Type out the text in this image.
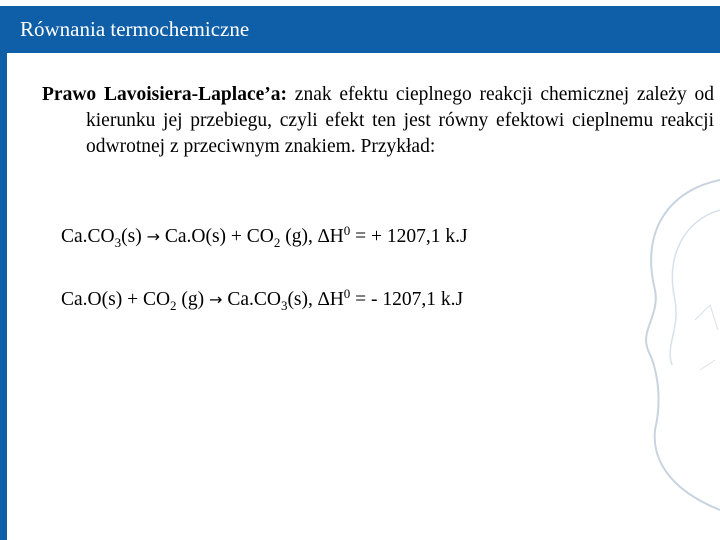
Równania termochemiczne
Prawo Lavoisiera-Laplace’a: znak efektu cieplnego reakcji chemicznej zależy od kierunku jej przebiegu, czyli efekt ten jest równy efektowi cieplnemu reakcji odwrotnej z przeciwnym znakiem. Przykład:
$Ca.CO_3(s) \to Ca.O(s) + CO_2$ (g), $\Delta H^0$ = + 1207,1 k.J
$Ca.O(s) + CO_2$ $(g) \to Ca.CO_3(s)$, $\Delta H^0$ = - 1207,1 k.J
